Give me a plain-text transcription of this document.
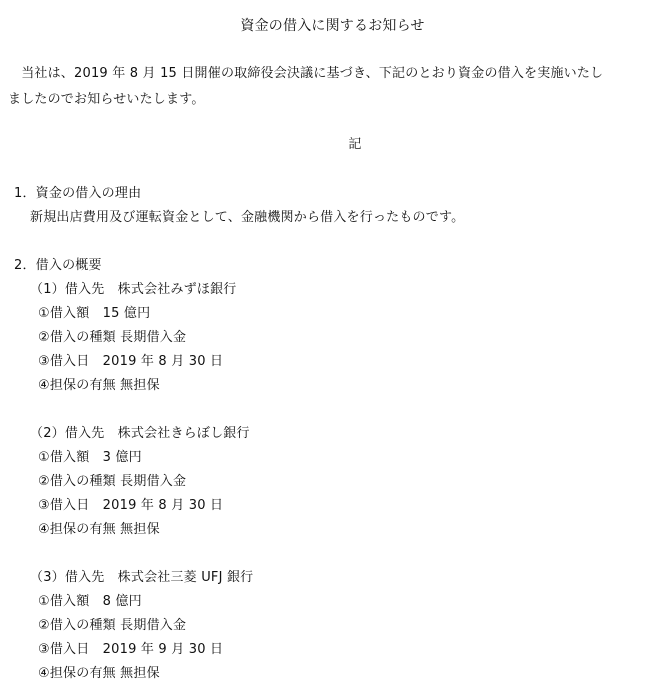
資金の借入に関するお知らせ
　当社は、2019 年 8 月 15 日開催の取締役会決議に基づき、下記のとおり資金の借入を実施いたし
ましたのでお知らせいたします。
記
1．資金の借入の理由
新規出店費用及び運転資金として、金融機関から借入を行ったものです。
2．借入の概要
（1）借入先　株式会社みずほ銀行
①借入額　15 億円
②借入の種類 長期借入金
③借入日　2019 年 8 月 30 日
④担保の有無 無担保
（2）借入先　株式会社きらぼし銀行
①借入額　3 億円
②借入の種類 長期借入金
③借入日　2019 年 8 月 30 日
④担保の有無 無担保
（3）借入先　株式会社三菱 UFJ 銀行
①借入額　8 億円
②借入の種類 長期借入金
③借入日　2019 年 9 月 30 日
④担保の有無 無担保
